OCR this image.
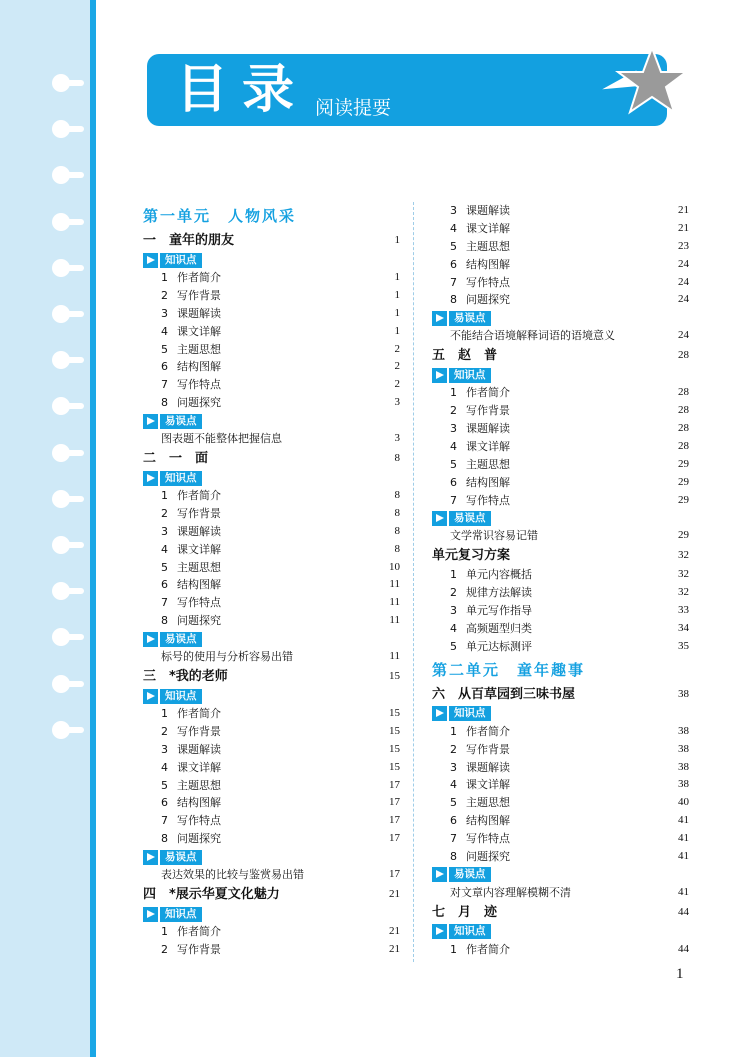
目录 阅读提要
第一单元　人物风采
一　童年的朋友	1
知识点
1 作者简介	1
2 写作背景	1
3 课题解读	1
4 课文详解	1
5 主题思想	2
6 结构图解	2
7 写作特点	2
8 问题探究	3
易误点
图表题不能整体把握信息	3
二　一　面	8
知识点
1 作者简介	8
2 写作背景	8
3 课题解读	8
4 课文详解	8
5 主题思想	10
6 结构图解	11
7 写作特点	11
8 问题探究	11
易误点
标号的使用与分析容易出错	11
三　*我的老师	15
知识点
1 作者简介	15
2 写作背景	15
3 课题解读	15
4 课文详解	15
5 主题思想	17
6 结构图解	17
7 写作特点	17
8 问题探究	17
易误点
表达效果的比较与鉴赏易出错	17
四　*展示华夏文化魅力	21
知识点
1 作者简介	21
2 写作背景	21
3 课题解读	21
4 课文详解	21
5 主题思想	23
6 结构图解	24
7 写作特点	24
8 问题探究	24
易误点
不能结合语境解释词语的语境意义	24
五　赵　普	28
知识点
1 作者简介	28
2 写作背景	28
3 课题解读	28
4 课文详解	28
5 主题思想	29
6 结构图解	29
7 写作特点	29
易误点
文学常识容易记错	29
单元复习方案	32
1 单元内容概括	32
2 规律方法解读	32
3 单元写作指导	33
4 高频题型归类	34
5 单元达标测评	35
第二单元　童年趣事
六　从百草园到三味书屋	38
知识点
1 作者简介	38
2 写作背景	38
3 课题解读	38
4 课文详解	38
5 主题思想	40
6 结构图解	41
7 写作特点	41
8 问题探究	41
易误点
对文章内容理解模糊不清	41
七　月　迹	44
知识点
1 作者简介	44
1
